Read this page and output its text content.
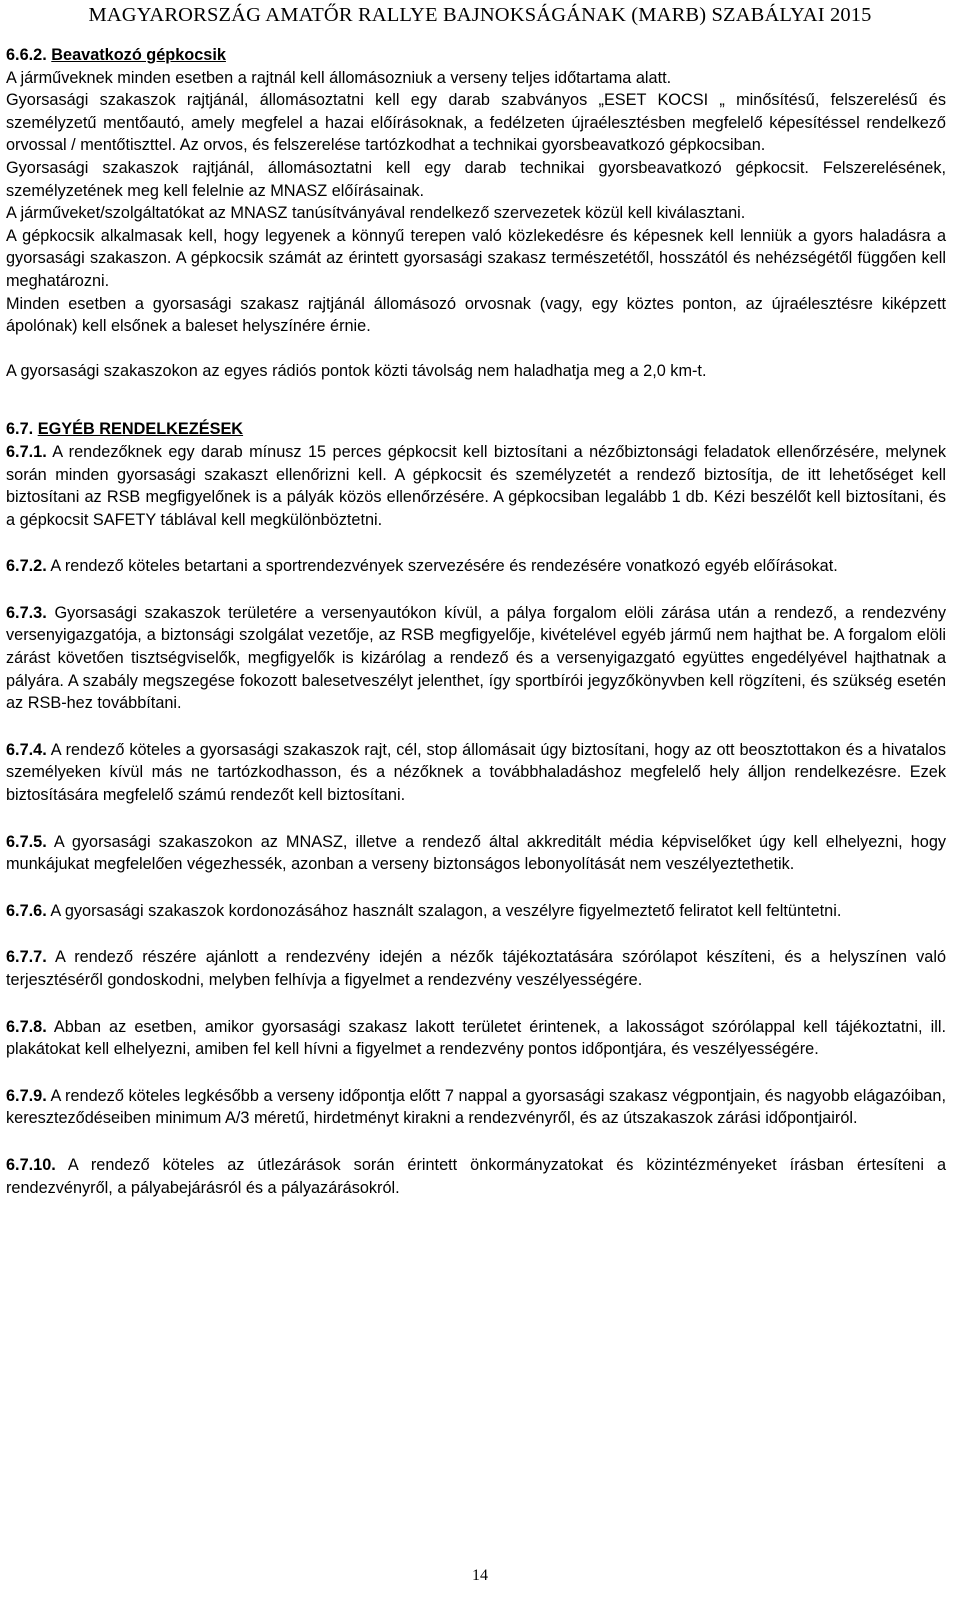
MAGYARORSZÁG AMATŐR RALLYE BAJNOKSÁGÁNAK (MARB) SZABÁLYAI 2015

6.6.2. Beavatkozó gépkocsik

A járműveknek minden esetben a rajtnál kell állomásozniuk a verseny teljes időtartama alatt.

Gyorsasági szakaszok rajtjánál, állomásoztatni kell egy darab szabványos „ESET KOCSI „ minősítésű, felszerelésű és személyzetű mentőautó, amely megfelel a hazai előírásoknak, a fedélzeten újraélesztésben megfelelő képesítéssel rendelkező orvossal / mentőtiszttel. Az orvos, és felszerelése tartózkodhat a technikai gyorsbeavatkozó gépkocsiban.

Gyorsasági szakaszok rajtjánál, állomásoztatni kell egy darab technikai gyorsbeavatkozó gépkocsit. Felszerelésének, személyzetének meg kell felelnie az MNASZ előírásainak.

A járműveket/szolgáltatókat az MNASZ tanúsítványával rendelkező szervezetek közül kell kiválasztani.

A gépkocsik alkalmasak kell, hogy legyenek a könnyű terepen való közlekedésre és képesnek kell lenniük a gyors haladásra a gyorsasági szakaszon. A gépkocsik számát az érintett gyorsasági szakasz természetétől, hosszától és nehézségétől függően kell meghatározni.

Minden esetben a gyorsasági szakasz rajtjánál állomásozó orvosnak (vagy, egy köztes ponton, az újraélesztésre kiképzett ápolónak) kell elsőnek a baleset helyszínére érnie.

A gyorsasági szakaszokon az egyes rádiós pontok közti távolság nem haladhatja meg a 2,0 km-t.

6.7. EGYÉB RENDELKEZÉSEK

6.7.1. A rendezőknek egy darab mínusz 15 perces gépkocsit kell biztosítani a nézőbiztonsági feladatok ellenőrzésére, melynek során minden gyorsasági szakaszt ellenőrizni kell. A gépkocsit és személyzetét a rendező biztosítja, de itt lehetőséget kell biztosítani az RSB megfigyelőnek is a pályák közös ellenőrzésére. A gépkocsiban legalább 1 db. Kézi beszélőt kell biztosítani, és a gépkocsit SAFETY táblával kell megkülönböztetni.

6.7.2. A rendező köteles betartani a sportrendezvények szervezésére és rendezésére vonatkozó egyéb előírásokat.

6.7.3. Gyorsasági szakaszok területére a versenyautókon kívül, a pálya forgalom elöli zárása után a rendező, a rendezvény versenyigazgatója, a biztonsági szolgálat vezetője, az RSB megfigyelője, kivételével egyéb jármű nem hajthat be. A forgalom elöli zárást követően tisztségviselők, megfigyelők is kizárólag a rendező és a versenyigazgató együttes engedélyével hajthatnak a pályára. A szabály megszegése fokozott balesetveszélyt jelenthet, így sportbírói jegyzőkönyvben kell rögzíteni, és szükség esetén az RSB-hez továbbítani.

6.7.4. A rendező köteles a gyorsasági szakaszok rajt, cél, stop állomásait úgy biztosítani, hogy az ott beosztottakon és a hivatalos személyeken kívül más ne tartózkodhasson, és a nézőknek a továbbhaladáshoz megfelelő hely álljon rendelkezésre. Ezek biztosítására megfelelő számú rendezőt kell biztosítani.

6.7.5. A gyorsasági szakaszokon az MNASZ, illetve a rendező által akkreditált média képviselőket úgy kell elhelyezni, hogy munkájukat megfelelően végezhessék, azonban a verseny biztonságos lebonyolítását nem veszélyeztethetik.

6.7.6. A gyorsasági szakaszok kordonozásához használt szalagon, a veszélyre figyelmeztető feliratot kell feltüntetni.

6.7.7. A rendező részére ajánlott a rendezvény idején a nézők tájékoztatására szórólapot készíteni, és a helyszínen való terjesztéséről gondoskodni, melyben felhívja a figyelmet a rendezvény veszélyességére.

6.7.8. Abban az esetben, amikor gyorsasági szakasz lakott területet érintenek, a lakosságot szórólappal kell tájékoztatni, ill. plakátokat kell elhelyezni, amiben fel kell hívni a figyelmet a rendezvény pontos időpontjára, és veszélyességére.

6.7.9. A rendező köteles legkésőbb a verseny időpontja előtt 7 nappal a gyorsasági szakasz végpontjain, és nagyobb elágazóiban, kereszteződéseiben minimum A/3 méretű, hirdetményt kirakni a rendezvényről, és az útszakaszok zárási időpontjairól.

6.7.10. A rendező köteles az útlezárások során érintett önkormányzatokat és közintézményeket írásban értesíteni a rendezvényről, a pályabejárásról és a pályazárásokról.

14
